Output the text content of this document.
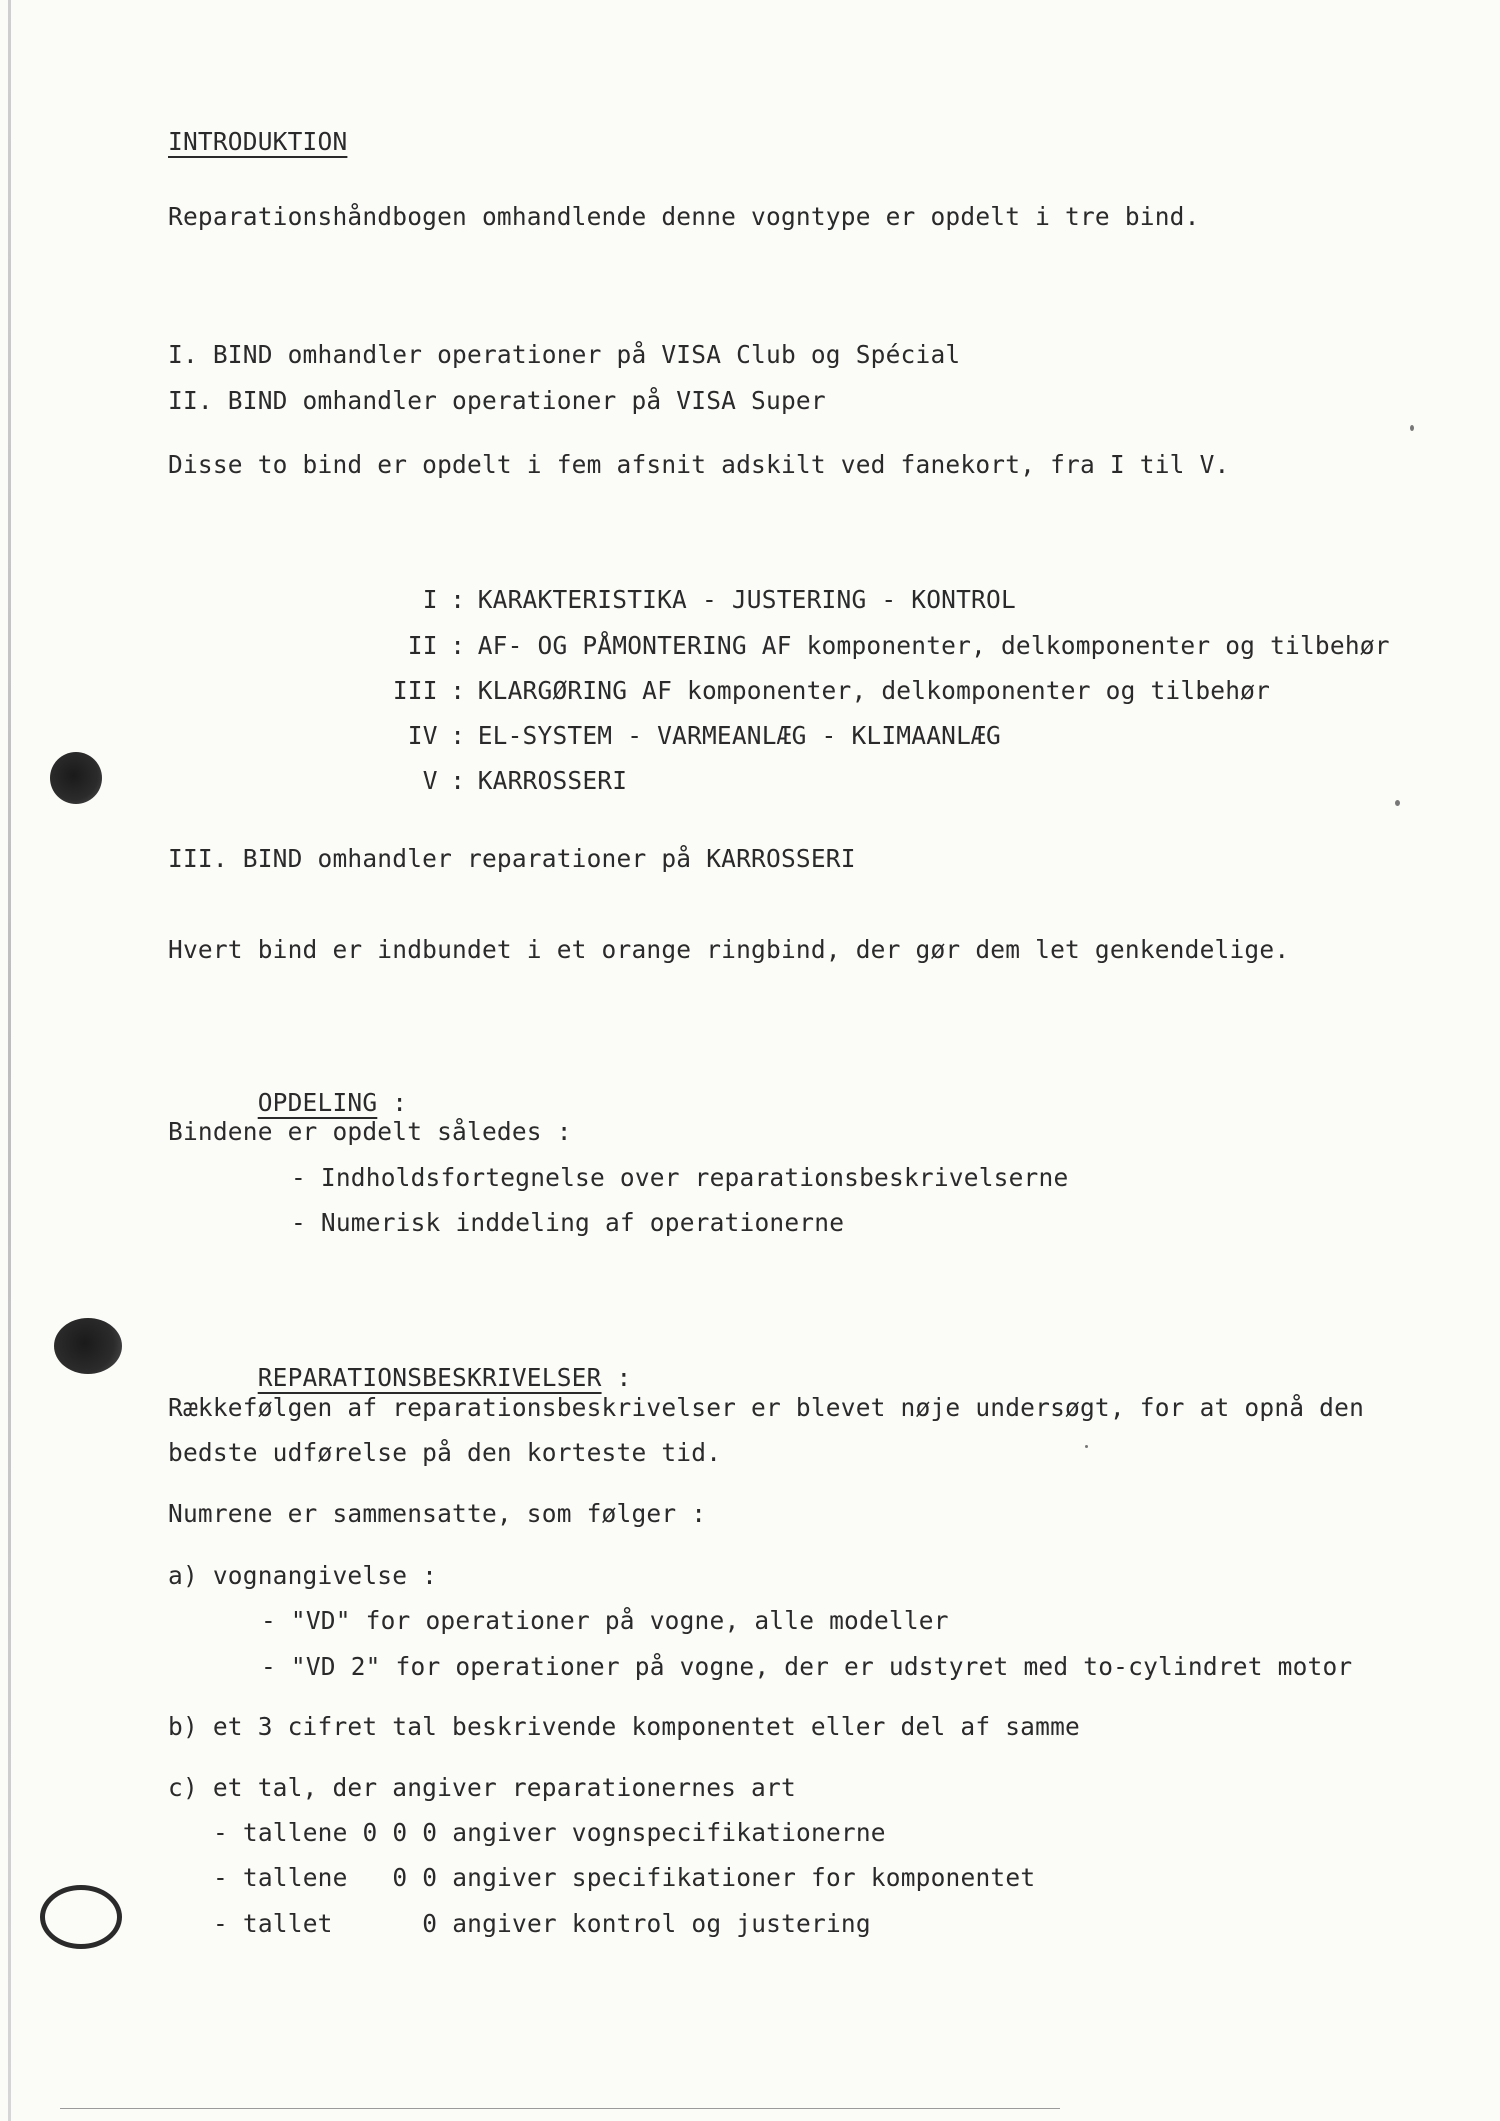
INTRODUKTION
Reparationshåndbogen omhandlende denne vogntype er opdelt i tre bind.
I. BIND omhandler operationer på VISA Club og Spécial
II. BIND omhandler operationer på VISA Super
Disse to bind er opdelt i fem afsnit adskilt ved fanekort, fra I til V.

I : KARAKTERISTIKA - JUSTERING - KONTROL

II : AF- OG PÅMONTERING AF komponenter, delkomponenter og tilbehør

III : KLARGØRING AF komponenter, delkomponenter og tilbehør

IV : EL-SYSTEM - VARMEANLÆG - KLIMAANLÆG

V : KARROSSERI

III. BIND omhandler reparationer på KARROSSERI
Hvert bind er indbundet i et orange ringbind, der gør dem let genkendelige.

OPDELING :

Bindene er opdelt således :
- Indholdsfortegnelse over reparationsbeskrivelserne
- Numerisk inddeling af operationerne

REPARATIONSBESKRIVELSER :

Rækkefølgen af reparationsbeskrivelser er blevet nøje undersøgt, for at opnå den
bedste udførelse på den korteste tid.
Numrene er sammensatte, som følger :
a) vognangivelse :
- "VD" for operationer på vogne, alle modeller
- "VD 2" for operationer på vogne, der er udstyret med to-cylindret motor
b) et 3 cifret tal beskrivende komponentet eller del af samme
c) et tal, der angiver reparationernes art
- tallene 0 0 0 angiver vognspecifikationerne
- tallene   0 0 angiver specifikationer for komponentet
- tallet      0 angiver kontrol og justering
